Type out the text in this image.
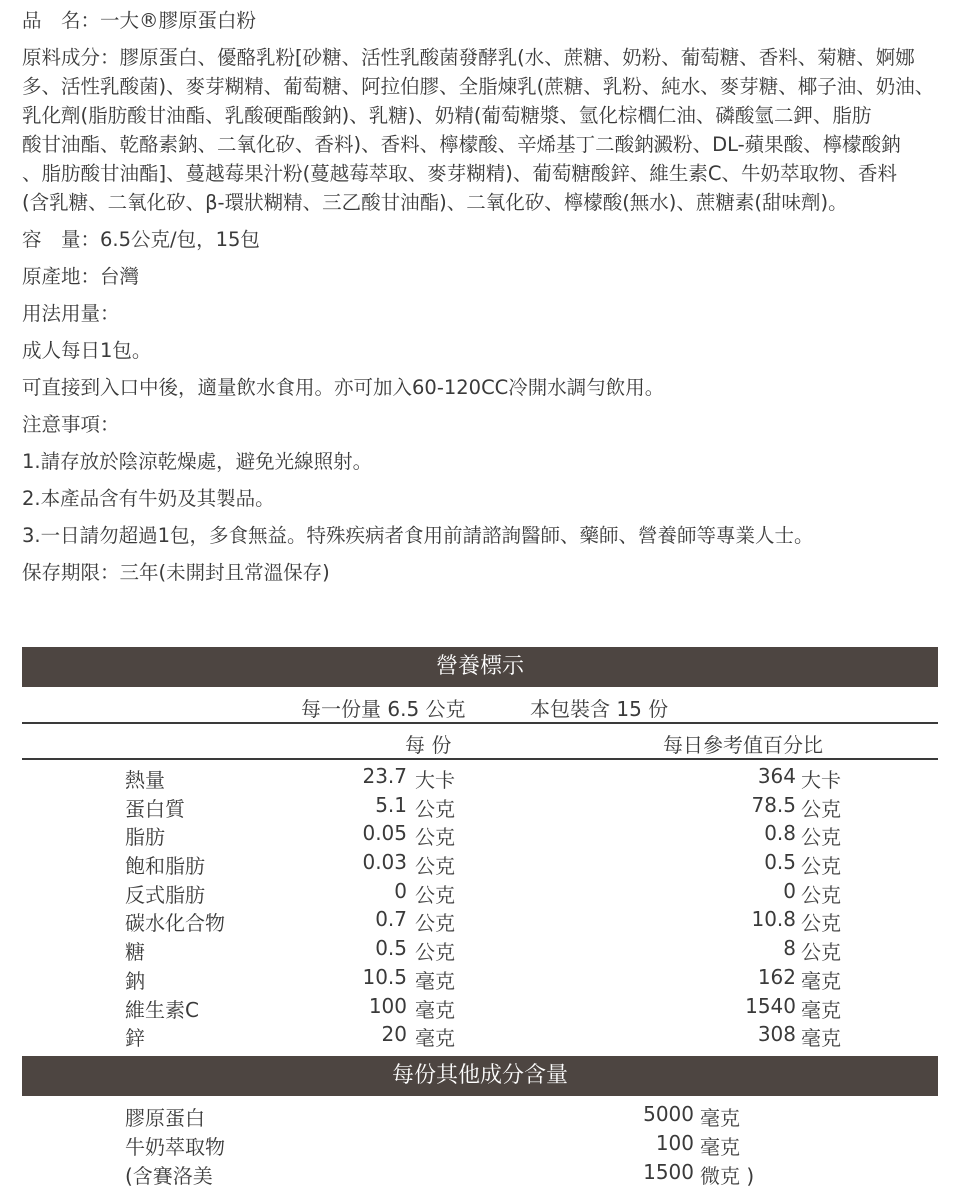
品　名：一大®膠原蛋白粉
原料成分：膠原蛋白、優酪乳粉[砂糖、活性乳酸菌發酵乳(水、蔗糖、奶粉、葡萄糖、香料、菊糖、婀娜
多、活性乳酸菌)、麥芽糊精、葡萄糖、阿拉伯膠、全脂煉乳(蔗糖、乳粉、純水、麥芽糖、椰子油、奶油、
乳化劑(脂肪酸甘油酯、乳酸硬酯酸鈉)、乳糖)、奶精(葡萄糖漿、氫化棕櫚仁油、磷酸氫二鉀、脂肪
酸甘油酯、乾酪素鈉、二氧化矽、香料)、香料、檸檬酸、辛烯基丁二酸鈉澱粉、DL-蘋果酸、檸檬酸鈉
、脂肪酸甘油酯]、蔓越莓果汁粉(蔓越莓萃取、麥芽糊精)、葡萄糖酸鋅、維生素C、牛奶萃取物、香料
(含乳糖、二氧化矽、β-環狀糊精、三乙酸甘油酯)、二氧化矽、檸檬酸(無水)、蔗糖素(甜味劑)。
容　量：6.5公克/包，15包
原產地：台灣
用法用量：
成人每日1包。
可直接到入口中後，適量飲水食用。亦可加入60-120CC冷開水調勻飲用。
注意事項：
1.請存放於陰涼乾燥處，避免光線照射。
2.本產品含有牛奶及其製品。
3.一日請勿超過1包，多食無益。特殊疾病者食用前請諮詢醫師、藥師、營養師等專業人士。
保存期限：三年(未開封且常溫保存)
營養標示
每一份量 6.5 公克	本包裝含 15 份
每 份	每日參考值百分比
熱量	23.7 大卡	364 大卡
蛋白質	5.1 公克	78.5 公克
脂肪	0.05 公克	0.8 公克
飽和脂肪	0.03 公克	0.5 公克
反式脂肪	0 公克	0 公克
碳水化合物	0.7 公克	10.8 公克
糖	0.5 公克	8 公克
鈉	10.5 毫克	162 毫克
維生素C	100 毫克	1540 毫克
鋅	20 毫克	308 毫克
每份其他成分含量
膠原蛋白	5000 毫克
牛奶萃取物	100 毫克
(含賽洛美	1500 微克 )
